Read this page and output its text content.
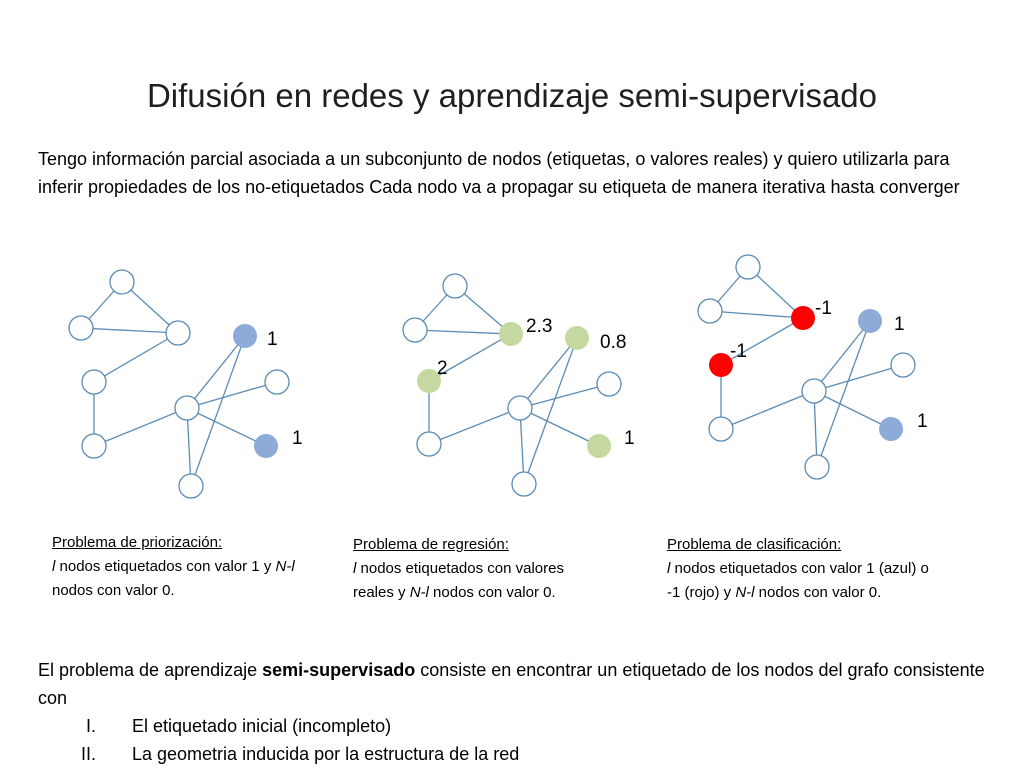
Difusión en redes y aprendizaje semi-supervisado
Tengo información parcial asociada a un subconjunto de nodos (etiquetas, o valores reales) y quiero utilizarla para inferir propiedades de los no-etiquetados Cada nodo va a propagar su etiqueta de manera iterativa hasta converger
1
1
2.3
0.8
2
1
-1
1
-1
1
Problema de priorización:
l nodos etiquetados con valor 1 y N-l nodos con valor 0.
Problema de regresión:
l nodos etiquetados con valores reales y N-l nodos con valor 0.
Problema de clasificación:
l nodos etiquetados con valor 1 (azul) o -1 (rojo) y N-l nodos con valor 0.
El problema de aprendizaje semi-supervisado consiste en encontrar un etiquetado de los nodos del grafo consistente con
I.	El etiquetado inicial (incompleto)
II.	La geometria inducida por la estructura de la red
